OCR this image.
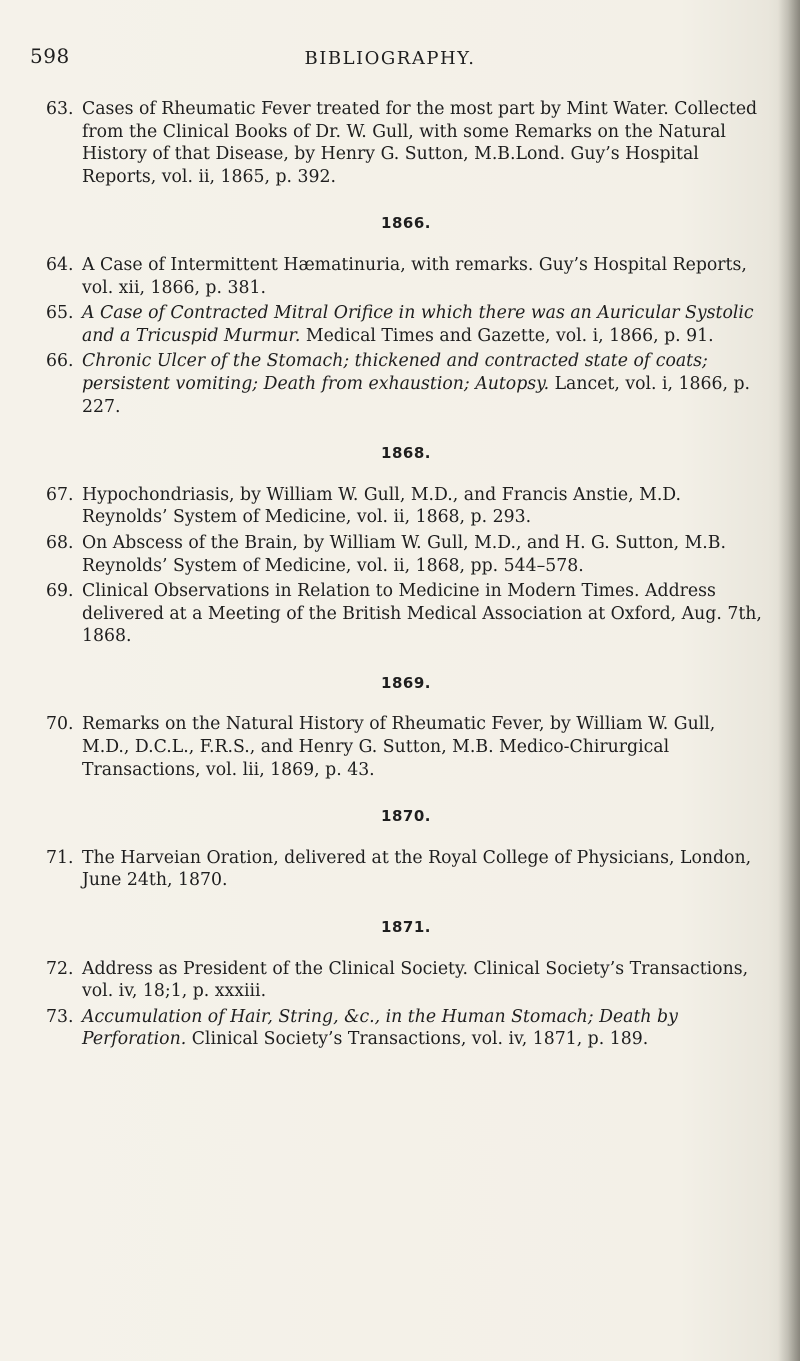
598	BIBLIOGRAPHY.

63. Cases of Rheumatic Fever treated for the most part by Mint Water. Collected from the Clinical Books of Dr. W. Gull, with some Remarks on the Natural History of that Disease, by Henry G. Sutton, M.B.Lond. Guy’s Hospital Reports, vol. ii, 1865, p. 392.

1866.

64. A Case of Intermittent Hæmatinuria, with remarks. Guy’s Hospital Reports, vol. xii, 1866, p. 381.

65. A Case of Contracted Mitral Orifice in which there was an Auricular Systolic and a Tricuspid Murmur. Medical Times and Gazette, vol. i, 1866, p. 91.

66. Chronic Ulcer of the Stomach; thickened and contracted state of coats; persistent vomiting; Death from exhaustion; Autopsy. Lancet, vol. i, 1866, p. 227.

1868.

67. Hypochondriasis, by William W. Gull, M.D., and Francis Anstie, M.D. Reynolds’ System of Medicine, vol. ii, 1868, p. 293.

68. On Abscess of the Brain, by William W. Gull, M.D., and H. G. Sutton, M.B. Reynolds’ System of Medicine, vol. ii, 1868, pp. 544–578.

69. Clinical Observations in Relation to Medicine in Modern Times. Address delivered at a Meeting of the British Medical Association at Oxford, Aug. 7th, 1868.

1869.

70. Remarks on the Natural History of Rheumatic Fever, by William W. Gull, M.D., D.C.L., F.R.S., and Henry G. Sutton, M.B. Medico-Chirurgical Transactions, vol. lii, 1869, p. 43.

1870.

71. The Harveian Oration, delivered at the Royal College of Physicians, London, June 24th, 1870.

1871.

72. Address as President of the Clinical Society. Clinical Society’s Transactions, vol. iv, 18;1, p. xxxiii.

73. Accumulation of Hair, String, &c., in the Human Stomach; Death by Perforation. Clinical Society’s Transactions, vol. iv, 1871, p. 189.
